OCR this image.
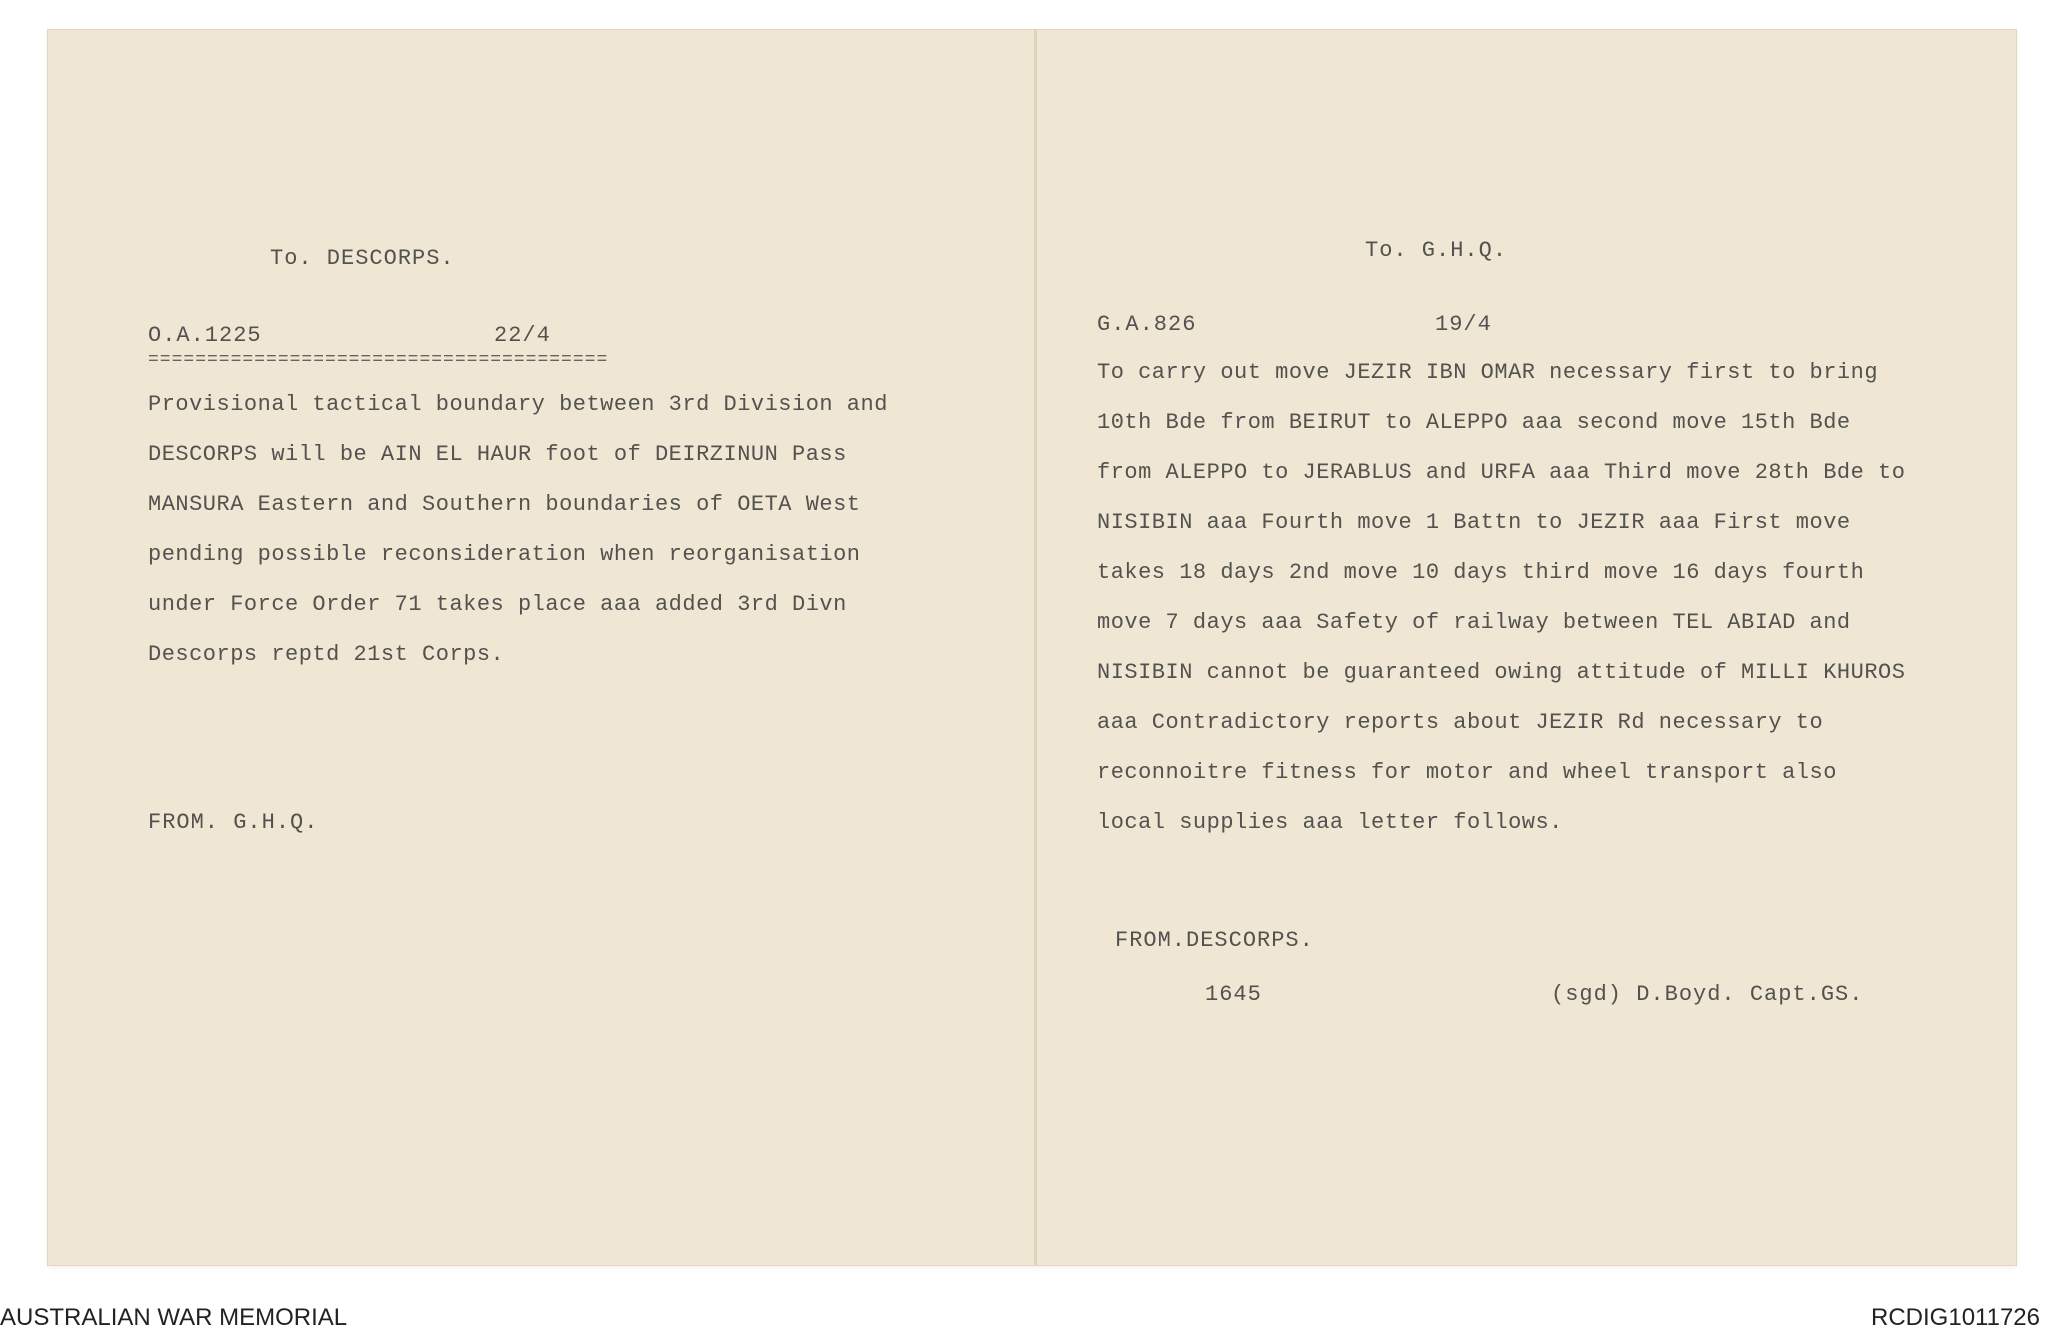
To. DESCORPS.
O.A.1225	22/4
=======================================
Provisional tactical boundary between 3rd Division and
DESCORPS will be AIN EL HAUR foot of DEIRZINUN Pass
MANSURA Eastern and Southern boundaries of OETA West
pending possible reconsideration when reorganisation
under Force Order 71 takes place aaa added 3rd Divn
Descorps reptd 21st Corps.
FROM. G.H.Q.
To. G.H.Q.
G.A.826	19/4
To carry out move JEZIR IBN OMAR necessary first to bring
10th Bde from BEIRUT to ALEPPO aaa second move 15th Bde
from ALEPPO to JERABLUS and URFA aaa Third move 28th Bde to
NISIBIN aaa Fourth move 1 Battn to JEZIR aaa First move
takes 18 days 2nd move 10 days third move 16 days fourth
move 7 days aaa Safety of railway between TEL ABIAD and
NISIBIN cannot be guaranteed owing attitude of MILLI KHUROS
aaa Contradictory reports about JEZIR Rd necessary to
reconnoitre fitness for motor and wheel transport also
local supplies aaa letter follows.
FROM.DESCORPS.
1645	(sgd) D.Boyd. Capt.GS.
AUSTRALIAN WAR MEMORIAL	RCDIG1011726
